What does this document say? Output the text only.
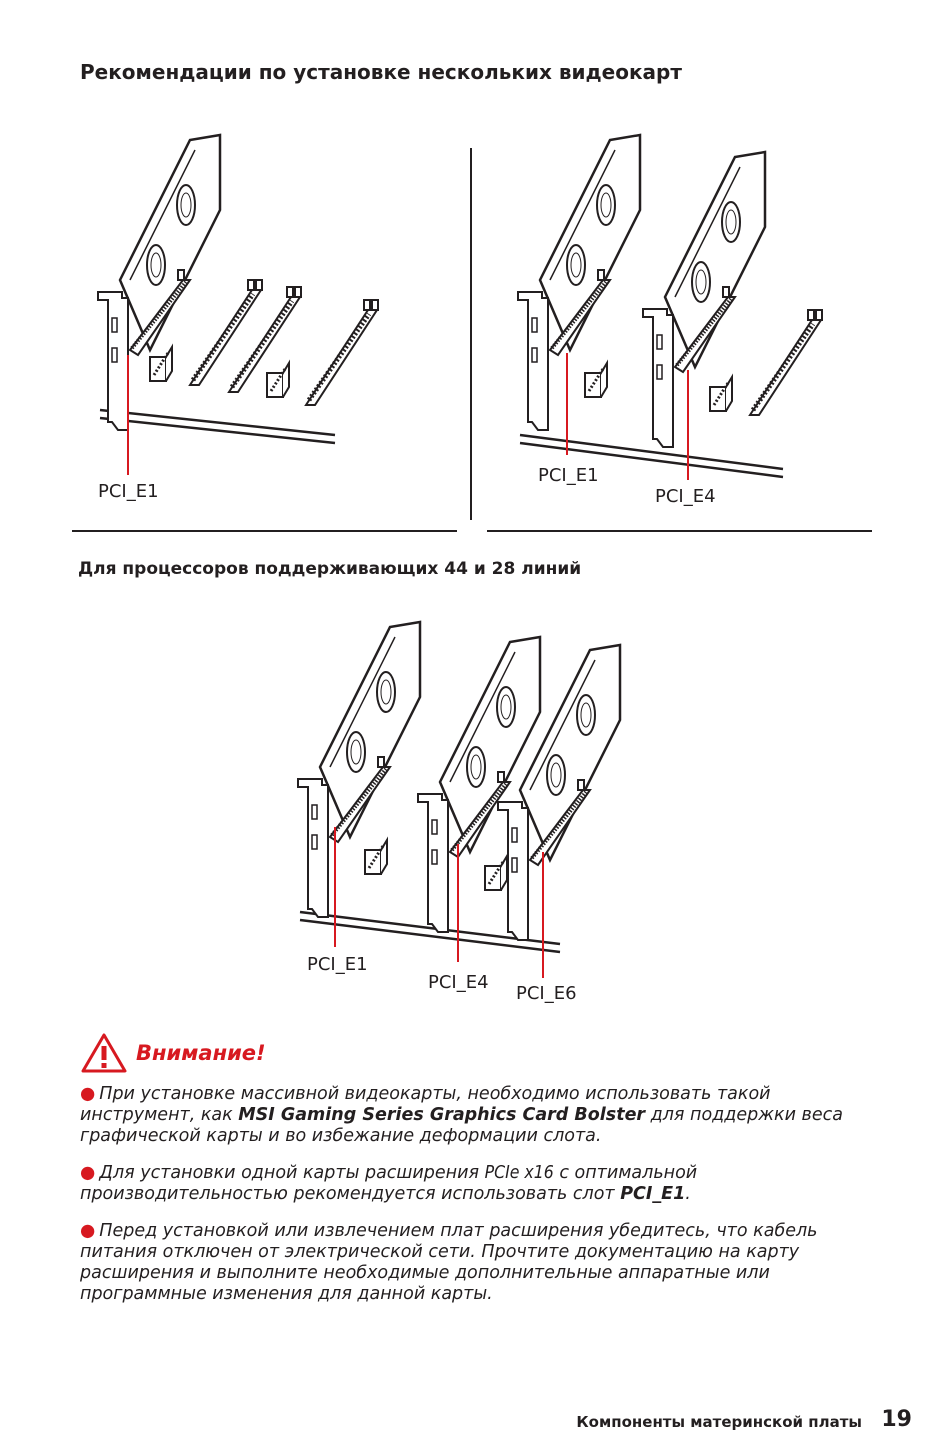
Рекомендации по установке нескольких видеокарт
PCI_E1
PCI_E1
PCI_E4
Для процессоров поддерживающих 44 и 28 линий
PCI_E1
PCI_E4
PCI_E6
Внимание!

● При установке массивной видеокарты, необходимо использовать такой инструмент, как MSI Gaming Series Graphics Card Bolster для поддержки веса графической карты и во избежание деформации слота.

● Для установки одной карты расширения PCIe x16 с оптимальной производительностью рекомендуется использовать слот PCI_E1.

● Перед установкой или извлечением плат расширения убедитесь, что кабель питания отключен от электрической сети. Прочтите документацию на карту расширения и выполните необходимые дополнительные аппаратные или программные изменения для данной карты.

Компоненты материнской платы 19
